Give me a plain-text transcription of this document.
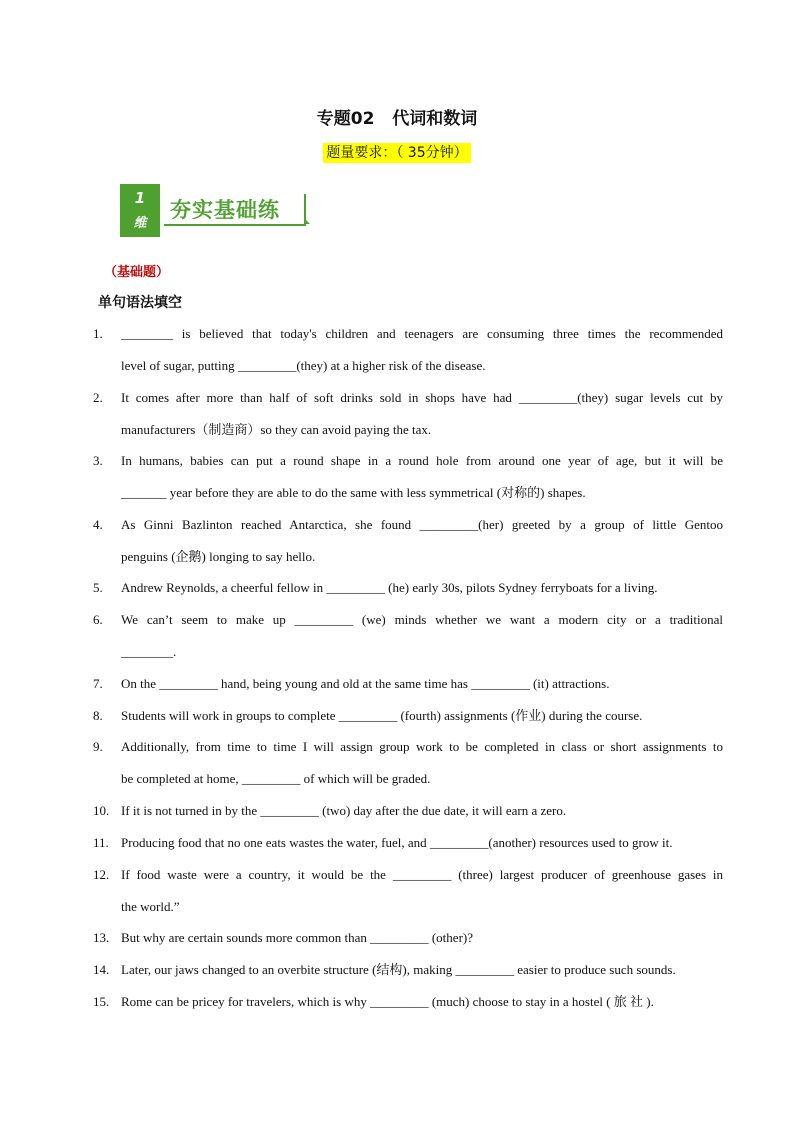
专题02   代词和数词
题量要求：（ 35分钟）
1
维
夯实基础练
（基础题）
单句语法填空
1. ________ is believed that today's children and teenagers are consuming three times the recommended
level of sugar, putting _________(they) at a higher risk of the disease.
2. It comes after more than half of soft drinks sold in shops have had _________(they) sugar levels cut by
manufacturers（制造商）so they can avoid paying the tax.
3. In humans, babies can put a round shape in a round hole from around one year of age, but it will be
_______ year before they are able to do the same with less symmetrical (对称的) shapes.
4. As Ginni Bazlinton reached Antarctica, she found _________(her) greeted by a group of little Gentoo
penguins (企鹅) longing to say hello.
5. Andrew Reynolds, a cheerful fellow in _________ (he) early 30s, pilots Sydney ferryboats for a living.
6. We can’t seem to make up _________ (we) minds whether we want a modern city or a traditional
________.
7. On the _________ hand, being young and old at the same time has _________ (it) attractions.
8. Students will work in groups to complete _________ (fourth) assignments (作业) during the course.
9. Additionally, from time to time I will assign group work to be completed in class or short assignments to
be completed at home, _________ of which will be graded.
10. If it is not turned in by the _________ (two) day after the due date, it will earn a zero.
11. Producing food that no one eats wastes the water, fuel, and _________(another) resources used to grow it.
12. If food waste were a country, it would be the _________ (three) largest producer of greenhouse gases in
the world.”
13. But why are certain sounds more common than _________ (other)?
14. Later, our jaws changed to an overbite structure (结构), making _________ easier to produce such sounds.
15. Rome can be pricey for travelers, which is why _________ (much) choose to stay in a hostel ( 旅 社 ).
